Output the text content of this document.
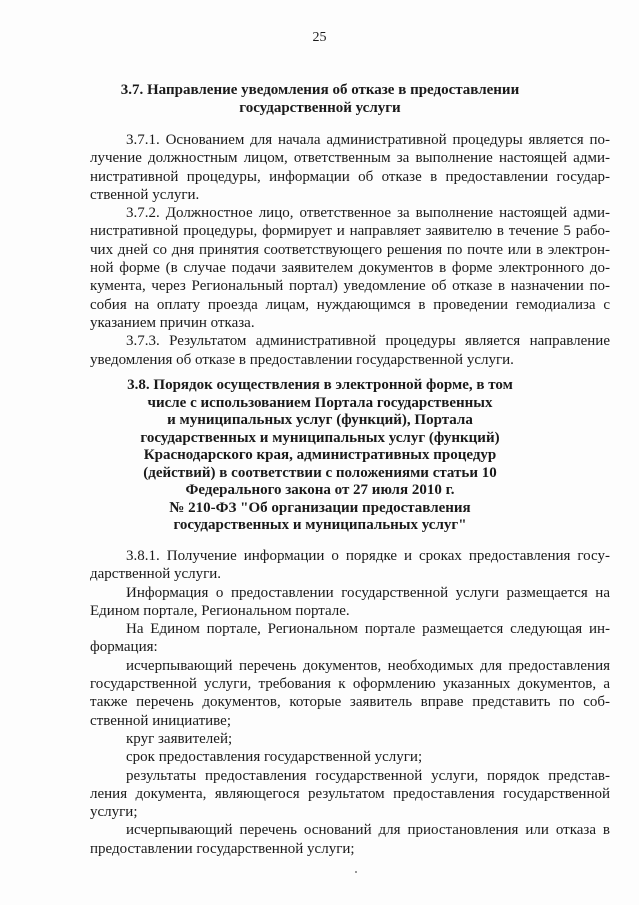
25
3.7. Направление уведомления об отказе в предоставлении
государственной услуги
3.7.1. Основанием для начала административной процедуры является по-
лучение должностным лицом, ответственным за выполнение настоящей адми-
нистративной процедуры, информации об отказе в предоставлении государ-
ственной услуги.
3.7.2. Должностное лицо, ответственное за выполнение настоящей адми-
нистративной процедуры, формирует и направляет заявителю в течение 5 рабо-
чих дней со дня принятия соответствующего решения по почте или в электрон-
ной форме (в случае подачи заявителем документов в форме электронного до-
кумента, через Региональный портал) уведомление об отказе в назначении по-
собия на оплату проезда лицам, нуждающимся в проведении гемодиализа с
указанием причин отказа.
3.7.3. Результатом административной процедуры является направление
уведомления об отказе в предоставлении государственной услуги.
3.8. Порядок осуществления в электронной форме, в том
числе с использованием Портала государственных
и муниципальных услуг (функций), Портала
государственных и муниципальных услуг (функций)
Краснодарского края, административных процедур
(действий) в соответствии с положениями статьи 10
Федерального закона от 27 июля 2010 г.
№ 210-ФЗ "Об организации предоставления
государственных и муниципальных услуг"
3.8.1. Получение информации о порядке и сроках предоставления госу-
дарственной услуги.
Информация о предоставлении государственной услуги размещается на
Едином портале, Региональном портале.
На Едином портале, Региональном портале размещается следующая ин-
формация:
исчерпывающий перечень документов, необходимых для предоставления
государственной услуги, требования к оформлению указанных документов, а
также перечень документов, которые заявитель вправе представить по соб-
ственной инициативе;
круг заявителей;
срок предоставления государственной услуги;
результаты предоставления государственной услуги, порядок представ-
ления документа, являющегося результатом предоставления государственной
услуги;
исчерпывающий перечень оснований для приостановления или отказа в
предоставлении государственной услуги;
